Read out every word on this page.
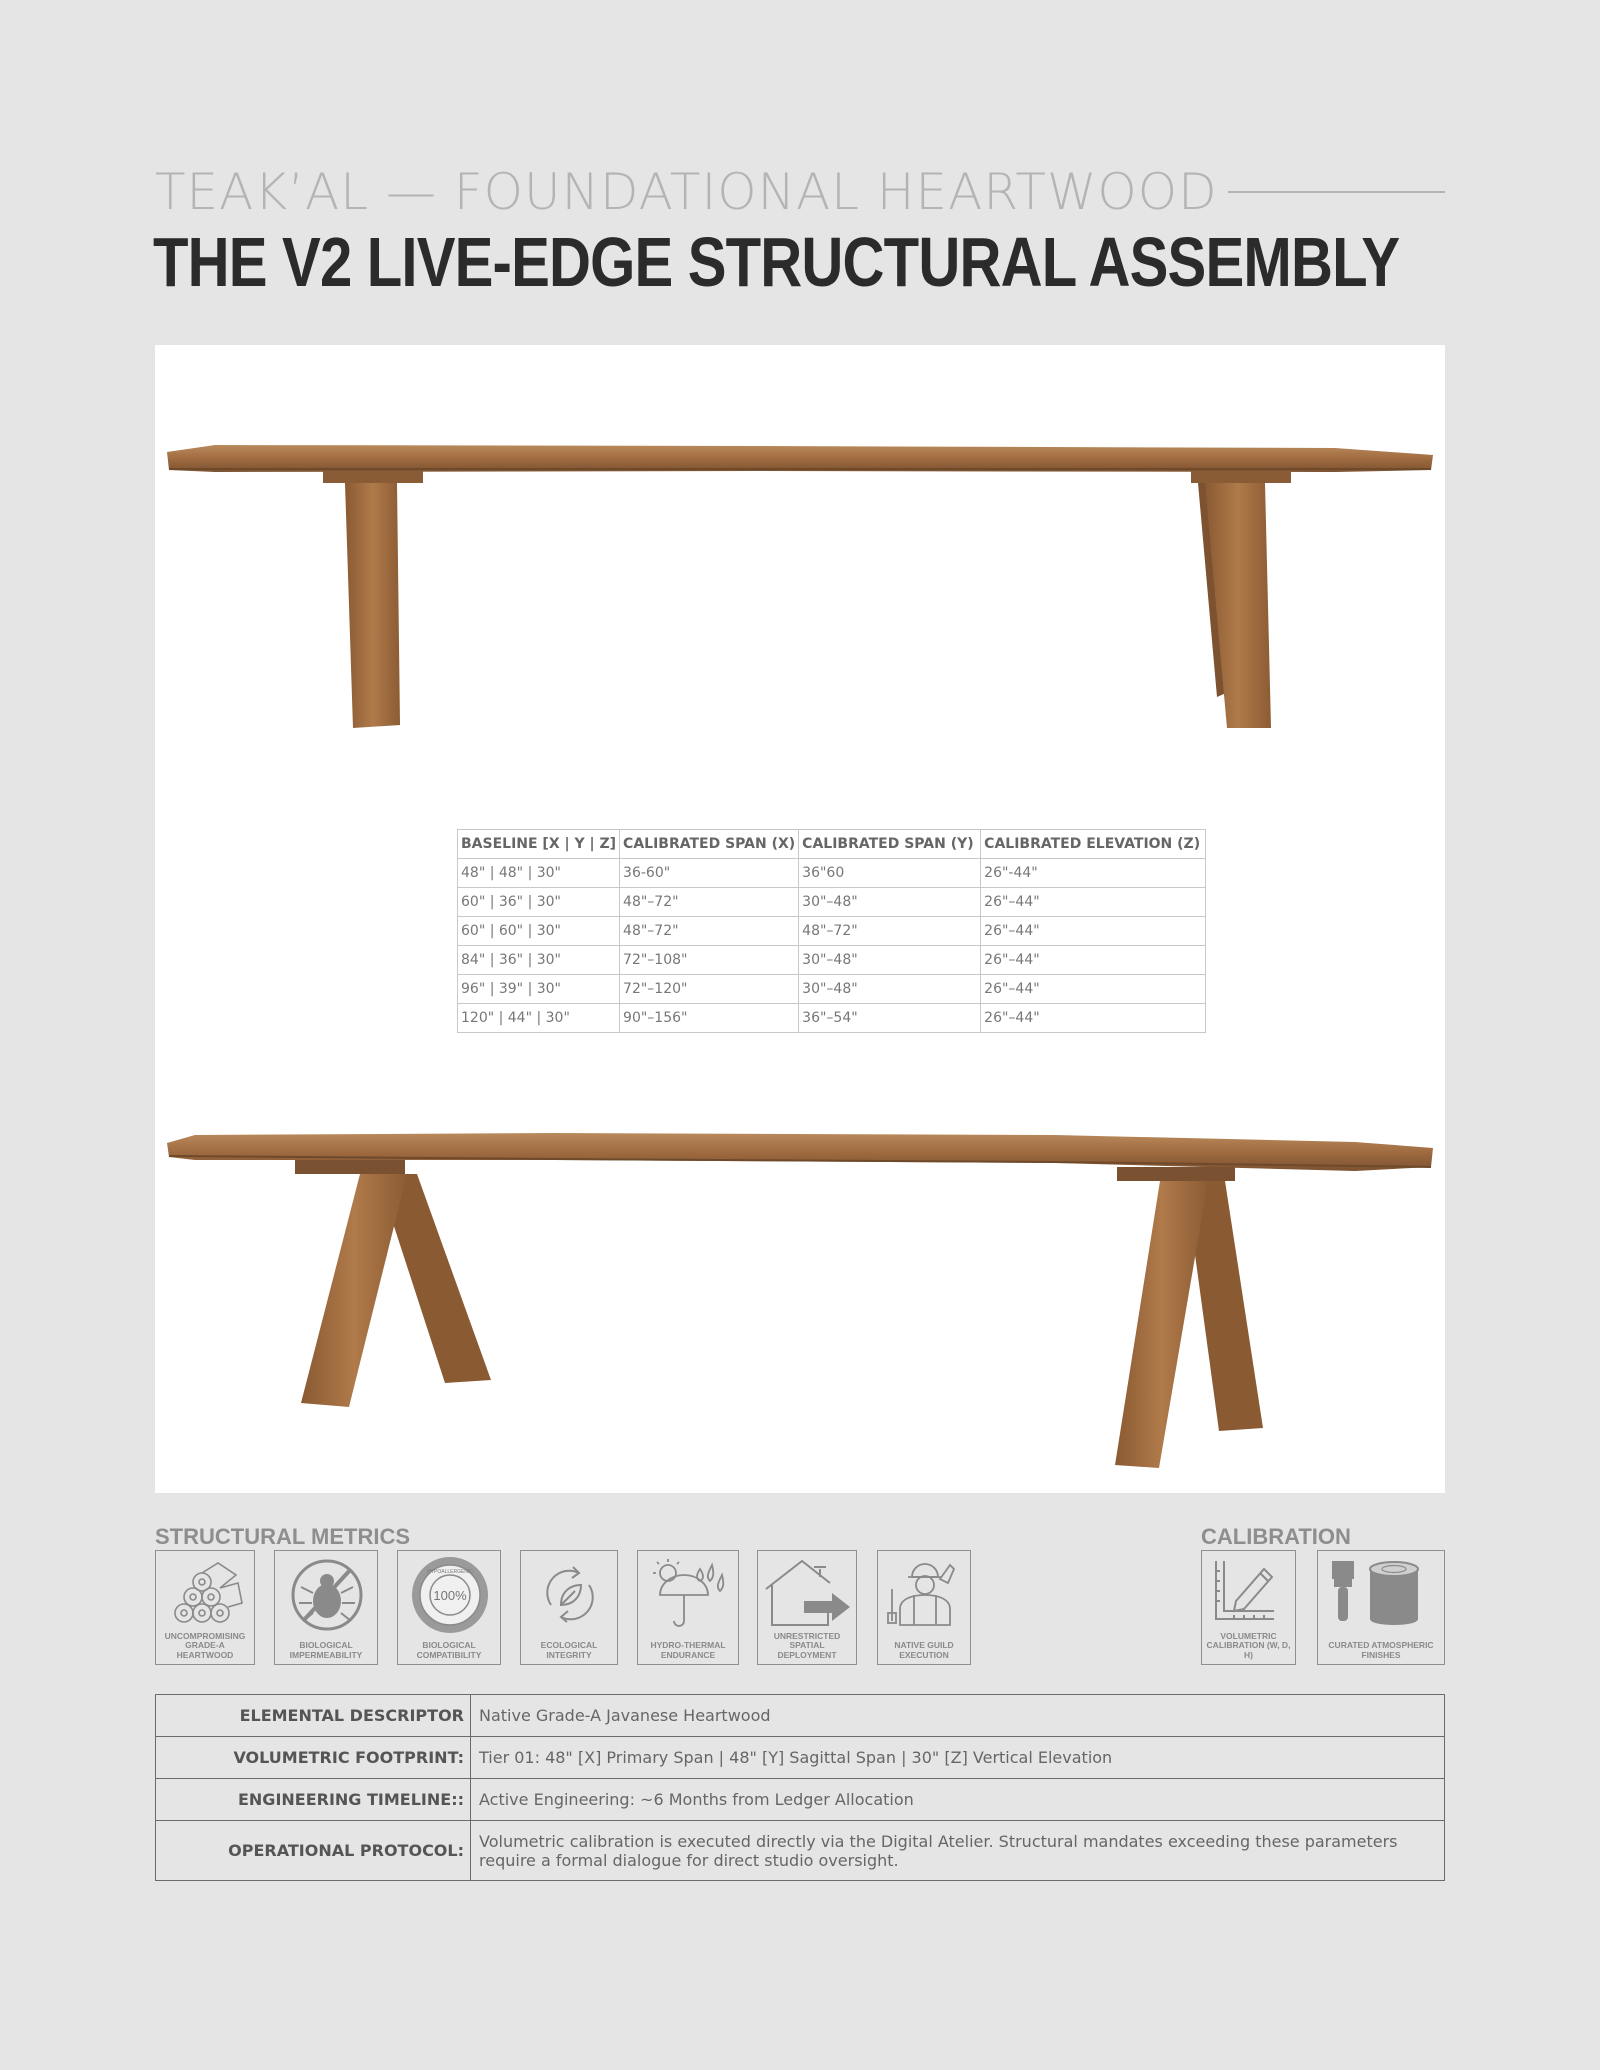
TEAK’AL — FOUNDATIONAL HEARTWOOD
THE V2 LIVE-EDGE STRUCTURAL ASSEMBLY
BASELINE [X | Y | Z]	CALIBRATED SPAN (X)	CALIBRATED SPAN (Y)	CALIBRATED ELEVATION (Z)
48" | 48" | 30"	36-60"	36"60	26"-44"
60" | 36" | 30"	48"–72"	30"–48"	26"–44"
60" | 60" | 30"	48"–72"	48"–72"	26"–44"
84" | 36" | 30"	72"–108"	30"–48"	26"–44"
96" | 39" | 30"	72"–120"	30"–48"	26"–44"
120" | 44" | 30"	90"–156"	36"–54"	26"–44"
STRUCTURAL METRICS	CALIBRATION
UNCOMPROMISING GRADE-A HEARTWOOD
BIOLOGICAL IMPERMEABILITY
100%
HYPOALLERGENIC
BIOLOGICAL COMPATIBILITY
ECOLOGICAL INTEGRITY
HYDRO-THERMAL ENDURANCE
UNRESTRICTED SPATIAL DEPLOYMENT
NATIVE GUILD EXECUTION
VOLUMETRIC CALIBRATION (W, D, H)
CURATED ATMOSPHERIC FINISHES
ELEMENTAL DESCRIPTOR	Native Grade-A Javanese Heartwood
VOLUMETRIC FOOTPRINT:	Tier 01: 48" [X] Primary Span | 48" [Y] Sagittal Span | 30" [Z] Vertical Elevation
ENGINEERING TIMELINE::	Active Engineering: ~6 Months from Ledger Allocation
OPERATIONAL PROTOCOL:	Volumetric calibration is executed directly via the Digital Atelier. Structural mandates exceeding these parameters require a formal dialogue for direct studio oversight.
